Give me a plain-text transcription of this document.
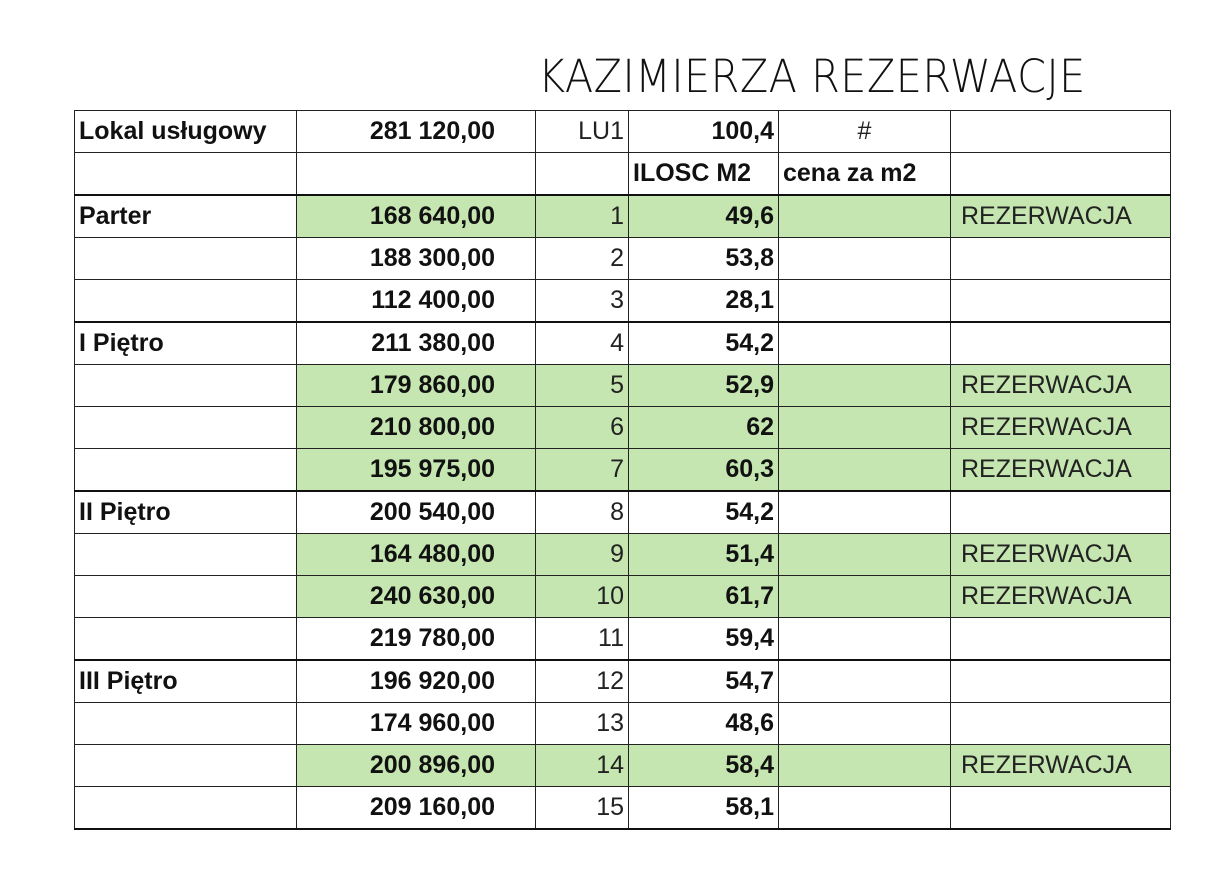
KAZIMIERZA REZERWACJE
Lokal usługowy	281 120,00	LU1	100,4	#	
			ILOSC M2	cena za m2	
Parter	168 640,00	1	49,6		REZERWACJA
	188 300,00	2	53,8		
	112 400,00	3	28,1		
I Piętro	211 380,00	4	54,2		
	179 860,00	5	52,9		REZERWACJA
	210 800,00	6	62		REZERWACJA
	195 975,00	7	60,3		REZERWACJA
II Piętro	200 540,00	8	54,2		
	164 480,00	9	51,4		REZERWACJA
	240 630,00	10	61,7		REZERWACJA
	219 780,00	11	59,4		
III Piętro	196 920,00	12	54,7		
	174 960,00	13	48,6		
	200 896,00	14	58,4		REZERWACJA
	209 160,00	15	58,1		
